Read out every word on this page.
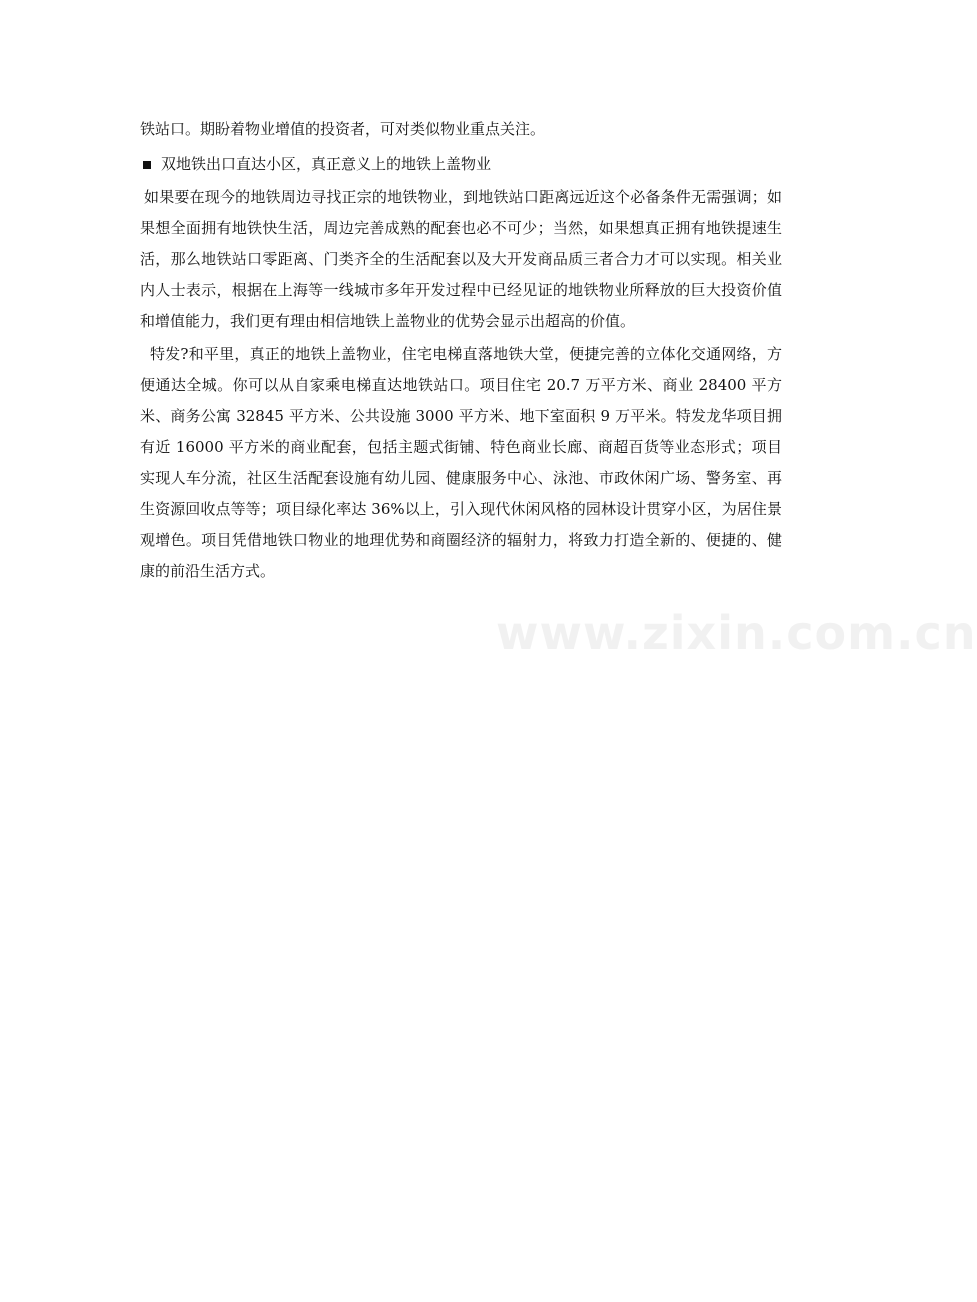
铁站口。期盼着物业增值的投资者，可对类似物业重点关注。

双地铁出口直达小区，真正意义上的地铁上盖物业

如果要在现今的地铁周边寻找正宗的地铁物业，到地铁站口距离远近这个必备条件无需强调；如果想全面拥有地铁快生活，周边完善成熟的配套也必不可少；当然，如果想真正拥有地铁提速生活，那么地铁站口零距离、门类齐全的生活配套以及大开发商品质三者合力才可以实现。相关业内人士表示，根据在上海等一线城市多年开发过程中已经见证的地铁物业所释放的巨大投资价值和增值能力，我们更有理由相信地铁上盖物业的优势会显示出超高的价值。

特发?和平里，真正的地铁上盖物业，住宅电梯直落地铁大堂，便捷完善的立体化交通网络，方便通达全城。你可以从自家乘电梯直达地铁站口。项目住宅 20.7 万平方米、商业 28400 平方米、商务公寓 32845 平方米、公共设施 3000 平方米、地下室面积 9 万平米。特发龙华项目拥有近 16000 平方米的商业配套，包括主题式街铺、特色商业长廊、商超百货等业态形式；项目实现人车分流，社区生活配套设施有幼儿园、健康服务中心、泳池、市政休闲广场、警务室、再生资源回收点等等；项目绿化率达 36%以上，引入现代休闲风格的园林设计贯穿小区，为居住景观增色。项目凭借地铁口物业的地理优势和商圈经济的辐射力，将致力打造全新的、便捷的、健康的前沿生活方式。

www.zixin.com.cn
